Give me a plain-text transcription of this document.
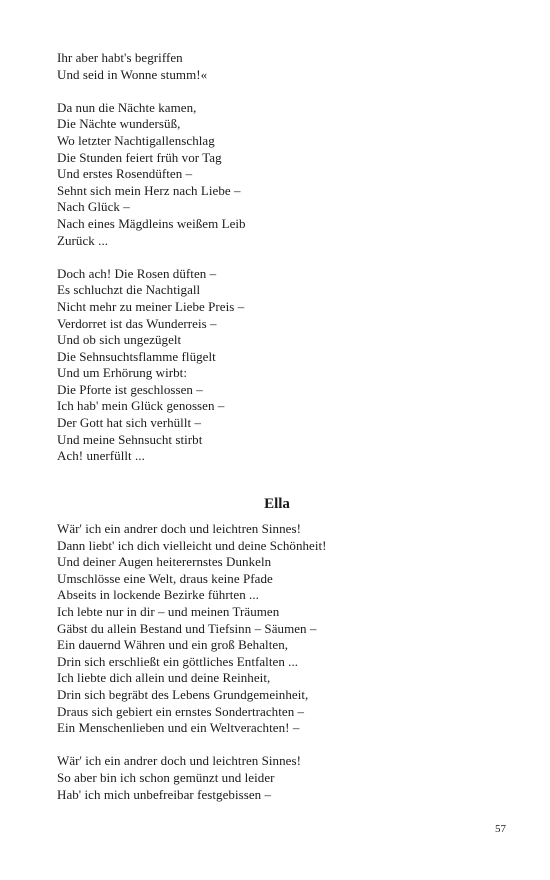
Ihr aber habt's begriffen
Und seid in Wonne stumm!«
Da nun die Nächte kamen,
Die Nächte wundersüß,
Wo letzter Nachtigallenschlag
Die Stunden feiert früh vor Tag
Und erstes Rosendüften –
Sehnt sich mein Herz nach Liebe –
Nach Glück –
Nach eines Mägdleins weißem Leib
Zurück ...
Doch ach! Die Rosen düften –
Es schluchzt die Nachtigall
Nicht mehr zu meiner Liebe Preis –
Verdorret ist das Wunderreis –
Und ob sich ungezügelt
Die Sehnsuchtsflamme flügelt
Und um Erhörung wirbt:
Die Pforte ist geschlossen –
Ich hab' mein Glück genossen –
Der Gott hat sich verhüllt –
Und meine Sehnsucht stirbt
Ach! unerfüllt ...
Ella
Wär' ich ein andrer doch und leichtren Sinnes!
Dann liebt' ich dich vielleicht und deine Schönheit!
Und deiner Augen heiterernstes Dunkeln
Umschlösse eine Welt, draus keine Pfade
Abseits in lockende Bezirke führten ...
Ich lebte nur in dir – und meinen Träumen
Gäbst du allein Bestand und Tiefsinn – Säumen –
Ein dauernd Währen und ein groß Behalten,
Drin sich erschließt ein göttliches Entfalten ...
Ich liebte dich allein und deine Reinheit,
Drin sich begräbt des Lebens Grundgemeinheit,
Draus sich gebiert ein ernstes Sondertrachten –
Ein Menschenlieben und ein Weltverachten! –
Wär' ich ein andrer doch und leichtren Sinnes!
So aber bin ich schon gemünzt und leider
Hab' ich mich unbefreibar festgebissen –
57
